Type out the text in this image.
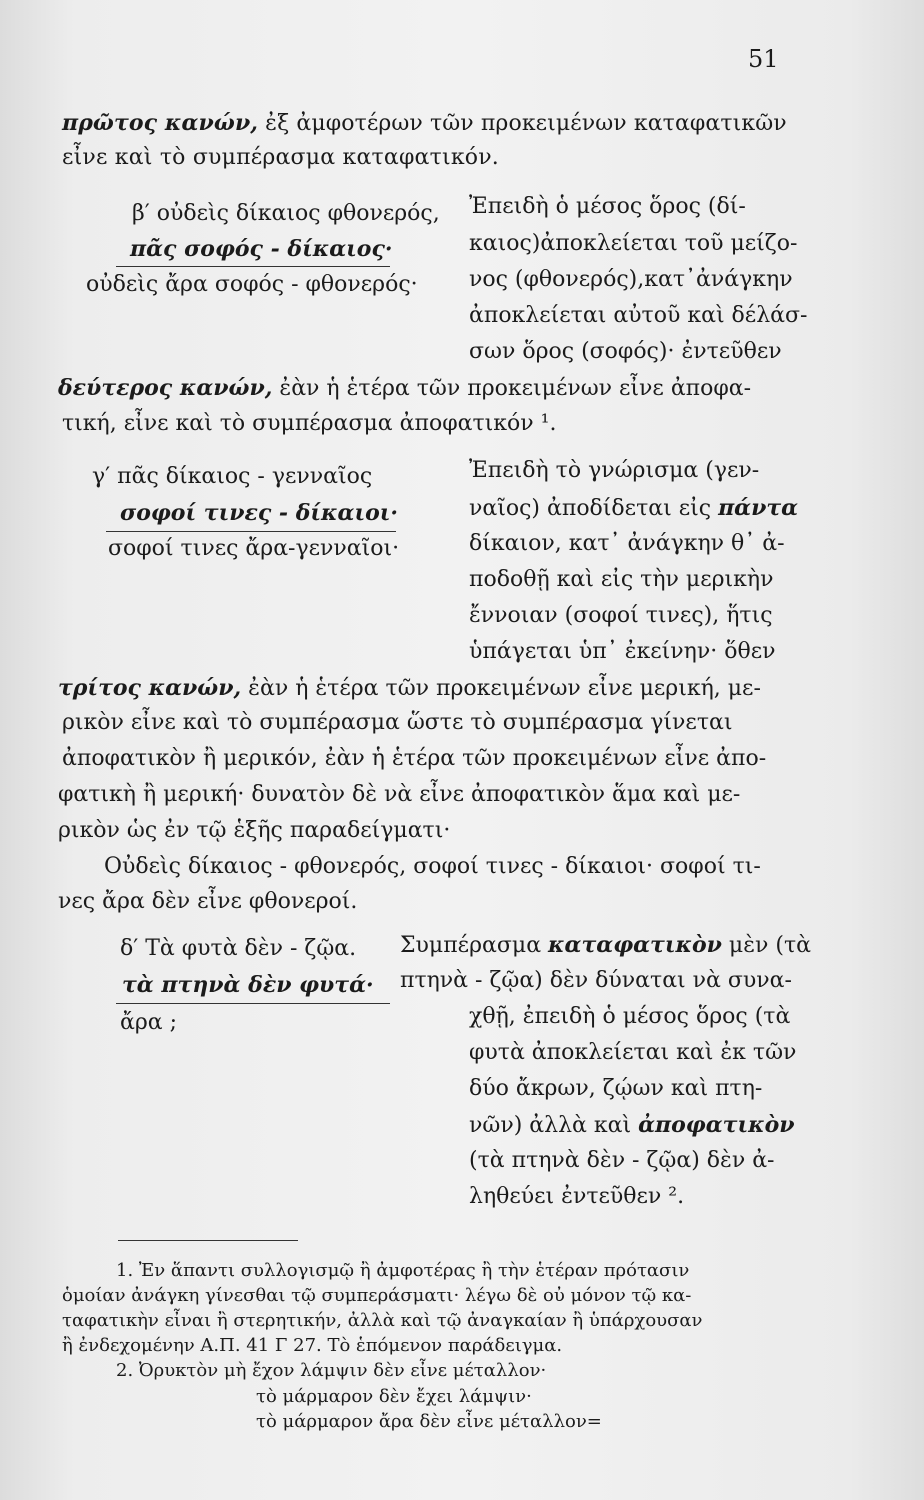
51
πρῶτος κανών, ἐξ ἀμφοτέρων τῶν προκειμένων καταφατικῶν
εἶνε καὶ τὸ συμπέρασμα καταφατικόν.
β′ οὐδεὶς δίκαιος φθονερός,
πᾶς σοφός - δίκαιος·
οὐδεὶς ἄρα σοφός - φθονερός·
Ἐπειδὴ ὁ μέσος ὅρος (δί-
καιος)ἀποκλείεται τοῦ μείζο-
νος (φθονερός),κατ᾽ἀνάγκην
ἀποκλείεται αὐτοῦ καὶ δέλάσ-
σων ὅρος (σοφός)· ἐντεῦθεν
δεύτερος κανών, ἐὰν ἡ ἑτέρα τῶν προκειμένων εἶνε ἀποφα-
τική, εἶνε καὶ τὸ συμπέρασμα ἀποφατικόν ¹.
γ′ πᾶς δίκαιος - γενναῖος
σοφοί τινες - δίκαιοι·
σοφοί τινες ἄρα-γενναῖοι·
Ἐπειδὴ τὸ γνώρισμα (γεν-
ναῖος) ἀποδίδεται εἰς πάντα
δίκαιον, κατ᾽ ἀνάγκην θ᾽ ἀ-
ποδοθῇ καὶ εἰς τὴν μερικὴν
ἔννοιαν (σοφοί τινες), ἥτις
ὑπάγεται ὑπ᾽ ἐκείνην· ὅθεν
τρίτος κανών, ἐὰν ἡ ἑτέρα τῶν προκειμένων εἶνε μερική, με-
ρικὸν εἶνε καὶ τὸ συμπέρασμα ὥστε τὸ συμπέρασμα γίνεται
ἀποφατικὸν ἢ μερικόν, ἐὰν ἡ ἑτέρα τῶν προκειμένων εἶνε ἀπο-
φατικὴ ἢ μερική· δυνατὸν δὲ νὰ εἶνε ἀποφατικὸν ἅμα καὶ με-
ρικὸν ὡς ἐν τῷ ἑξῆς παραδείγματι·
Οὐδεὶς δίκαιος - φθονερός, σοφοί τινες - δίκαιοι· σοφοί τι-
νες ἄρα δὲν εἶνε φθονεροί.
δ′ Τὰ φυτὰ δὲν - ζῷα.
τὰ πτηνὰ δὲν φυτά·
ἄρα ;
Συμπέρασμα καταφατικὸν μὲν (τὰ
πτηνὰ - ζῷα) δὲν δύναται νὰ συνα-
χθῇ, ἐπειδὴ ὁ μέσος ὅρος (τὰ
φυτὰ ἀποκλείεται καὶ ἐκ τῶν
δύο ἄκρων, ζῴων καὶ πτη-
νῶν) ἀλλὰ καὶ ἀποφατικὸν
(τὰ πτηνὰ δὲν - ζῷα) δὲν ἀ-
ληθεύει ἐντεῦθεν ².
1. Ἐν ἅπαντι συλλογισμῷ ἢ ἀμφοτέρας ἢ τὴν ἑτέραν πρότασιν
ὁμοίαν ἀνάγκη γίνεσθαι τῷ συμπεράσματι· λέγω δὲ οὐ μόνον τῷ κα-
ταφατικὴν εἶναι ἢ στερητικήν, ἀλλὰ καὶ τῷ ἀναγκαίαν ἢ ὑπάρχουσαν
ἢ ἐνδεχομένην Α.Π. 41 Γ 27. Τὸ ἑπόμενον παράδειγμα.
2. Ὀρυκτὸν μὴ ἔχον λάμψιν δὲν εἶνε μέταλλον·
τὸ μάρμαρον δὲν ἔχει λάμψιν·
τὸ μάρμαρον ἄρα δὲν εἶνε μέταλλον=
